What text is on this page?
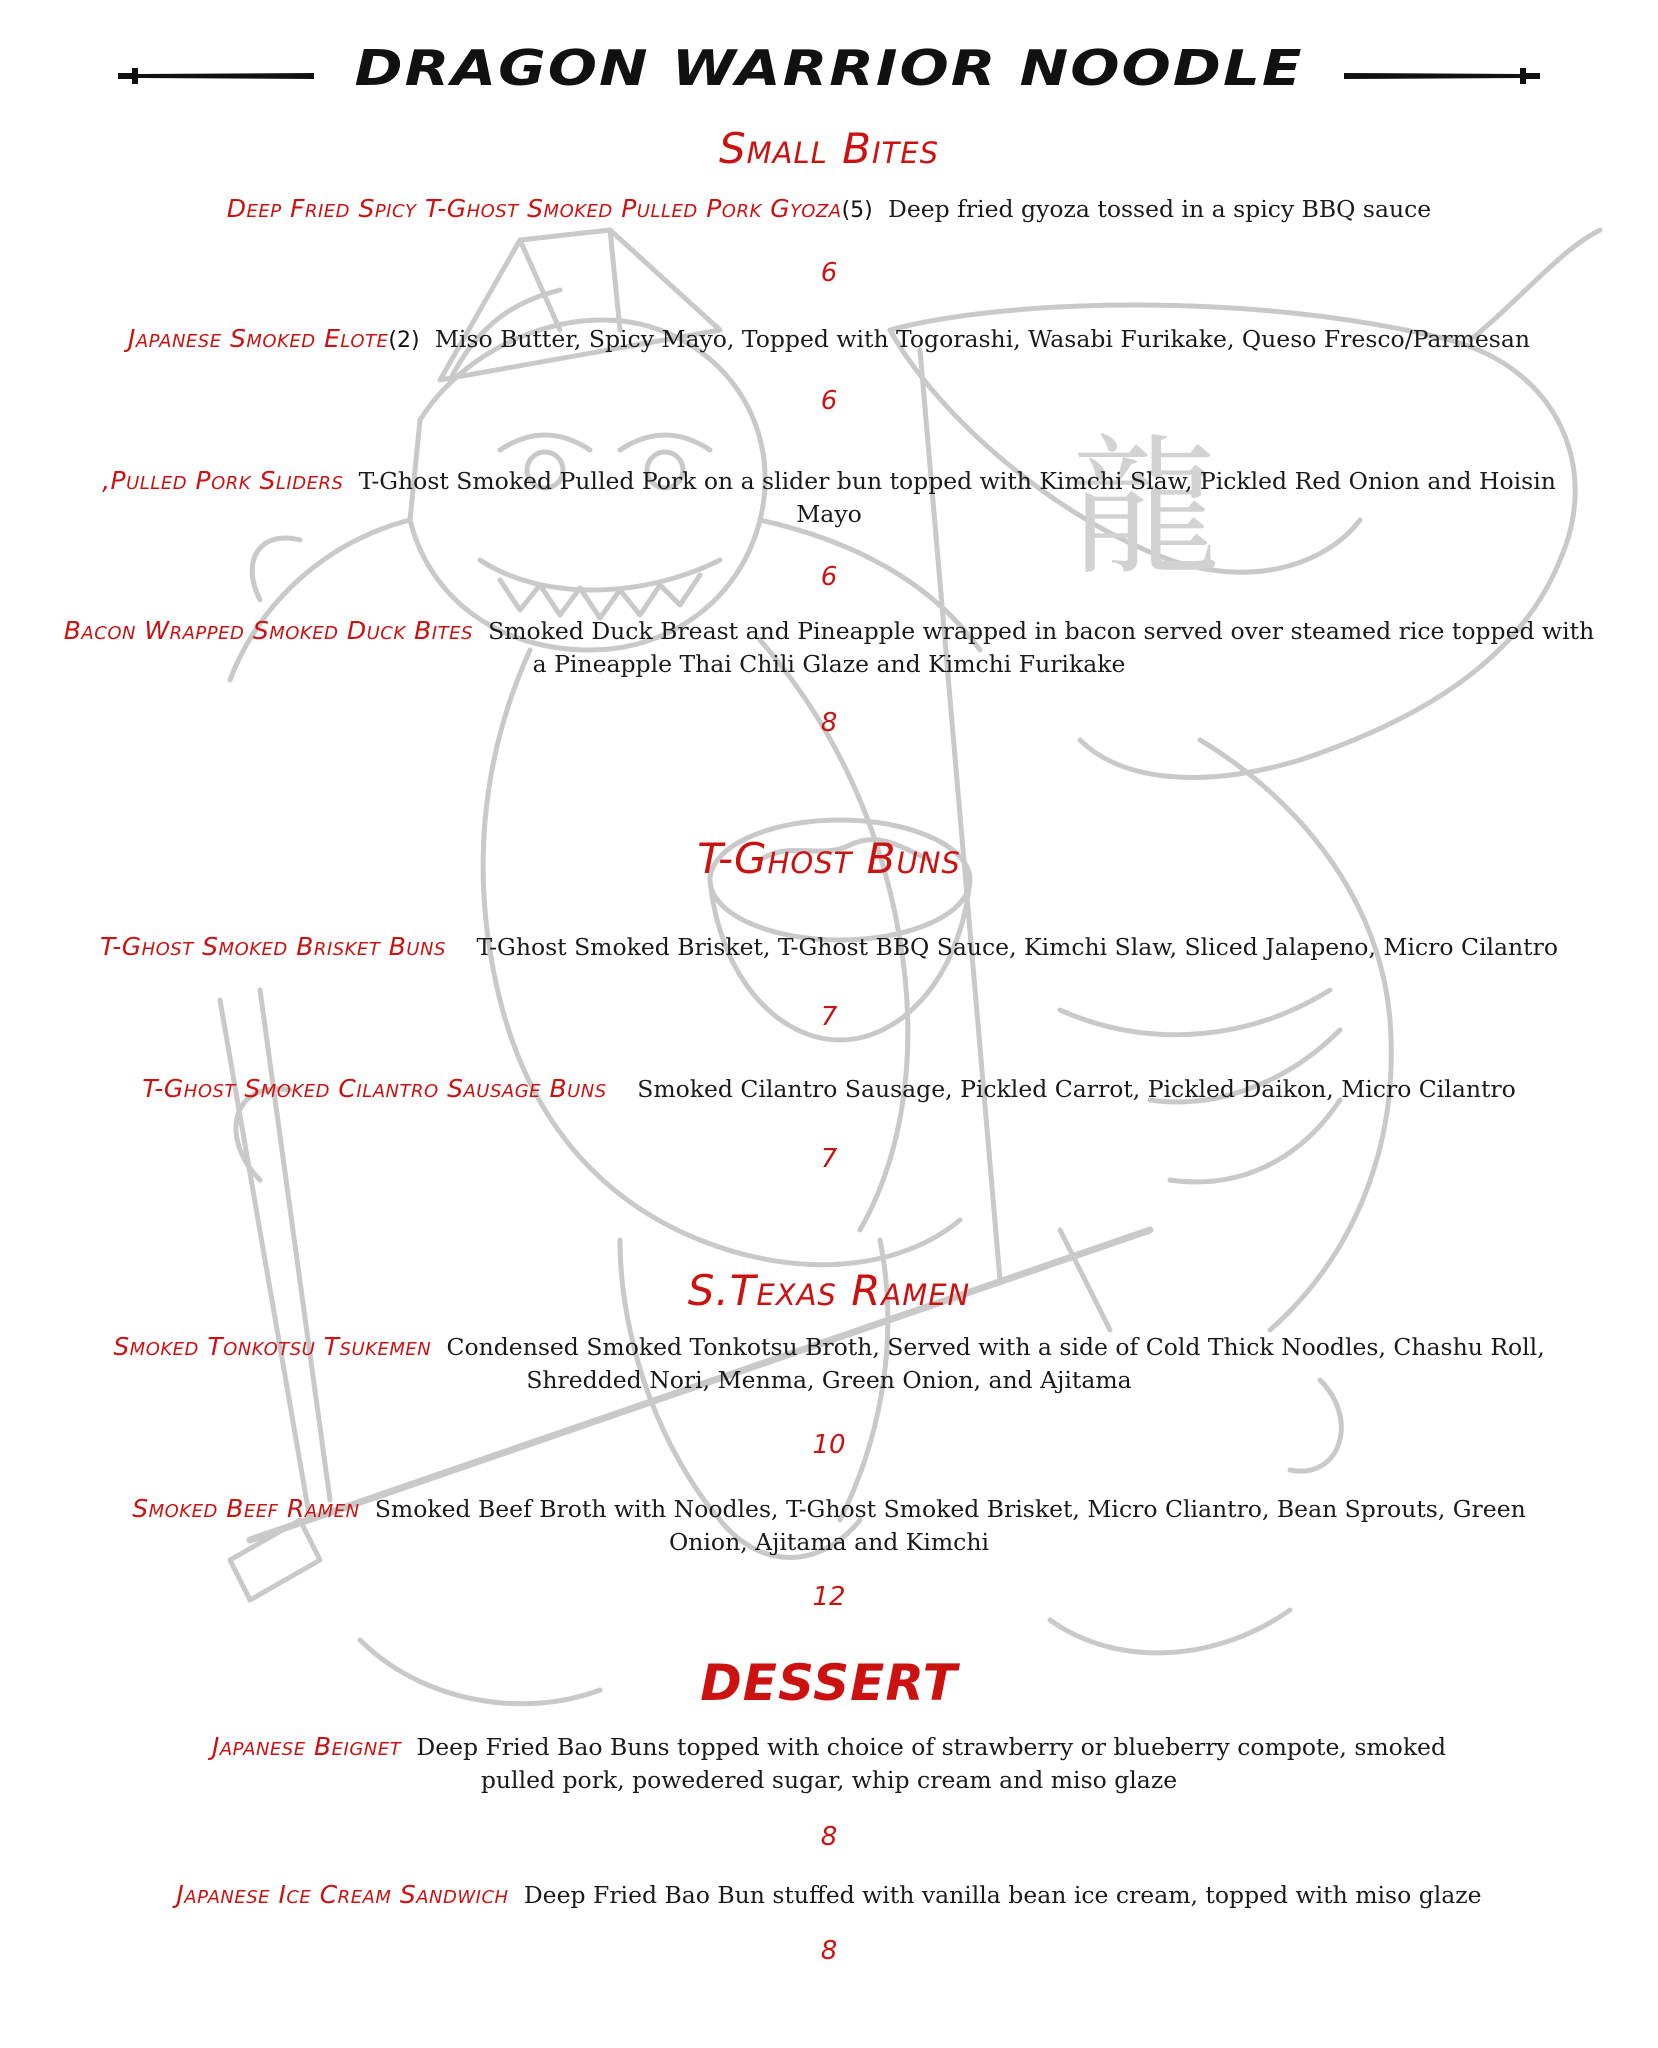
龍
DRAGON WARRIOR NOODLE
Small Bites
Deep Fried Spicy T-Ghost Smoked Pulled Pork Gyoza(5) Deep fried gyoza tossed in a spicy BBQ sauce
6
Japanese Smoked Elote(2) Miso Butter, Spicy Mayo, Topped with Togorashi, Wasabi Furikake, Queso Fresco/Parmesan
6
,Pulled Pork Sliders T-Ghost Smoked Pulled Pork on a slider bun topped with Kimchi Slaw, Pickled Red Onion and Hoisin Mayo
6
Bacon Wrapped Smoked Duck Bites Smoked Duck Breast and Pineapple wrapped in bacon served over steamed rice topped with a Pineapple Thai Chili Glaze and Kimchi Furikake
8
T-Ghost Buns
T-Ghost Smoked Brisket Buns T-Ghost Smoked Brisket, T-Ghost BBQ Sauce, Kimchi Slaw, Sliced Jalapeno, Micro Cilantro
7
T-Ghost Smoked Cilantro Sausage Buns Smoked Cilantro Sausage, Pickled Carrot, Pickled Daikon, Micro Cilantro
7
S.Texas Ramen
Smoked Tonkotsu Tsukemen Condensed Smoked Tonkotsu Broth, Served with a side of Cold Thick Noodles, Chashu Roll, Shredded Nori, Menma, Green Onion, and Ajitama
10
Smoked Beef Ramen Smoked Beef Broth with Noodles, T-Ghost Smoked Brisket, Micro Cliantro, Bean Sprouts, Green Onion, Ajitama and Kimchi
12
DESSERT
Japanese Beignet Deep Fried Bao Buns topped with choice of strawberry or blueberry compote, smoked pulled pork, powedered sugar, whip cream and miso glaze
8
Japanese Ice Cream Sandwich Deep Fried Bao Bun stuffed with vanilla bean ice cream, topped with miso glaze
8
